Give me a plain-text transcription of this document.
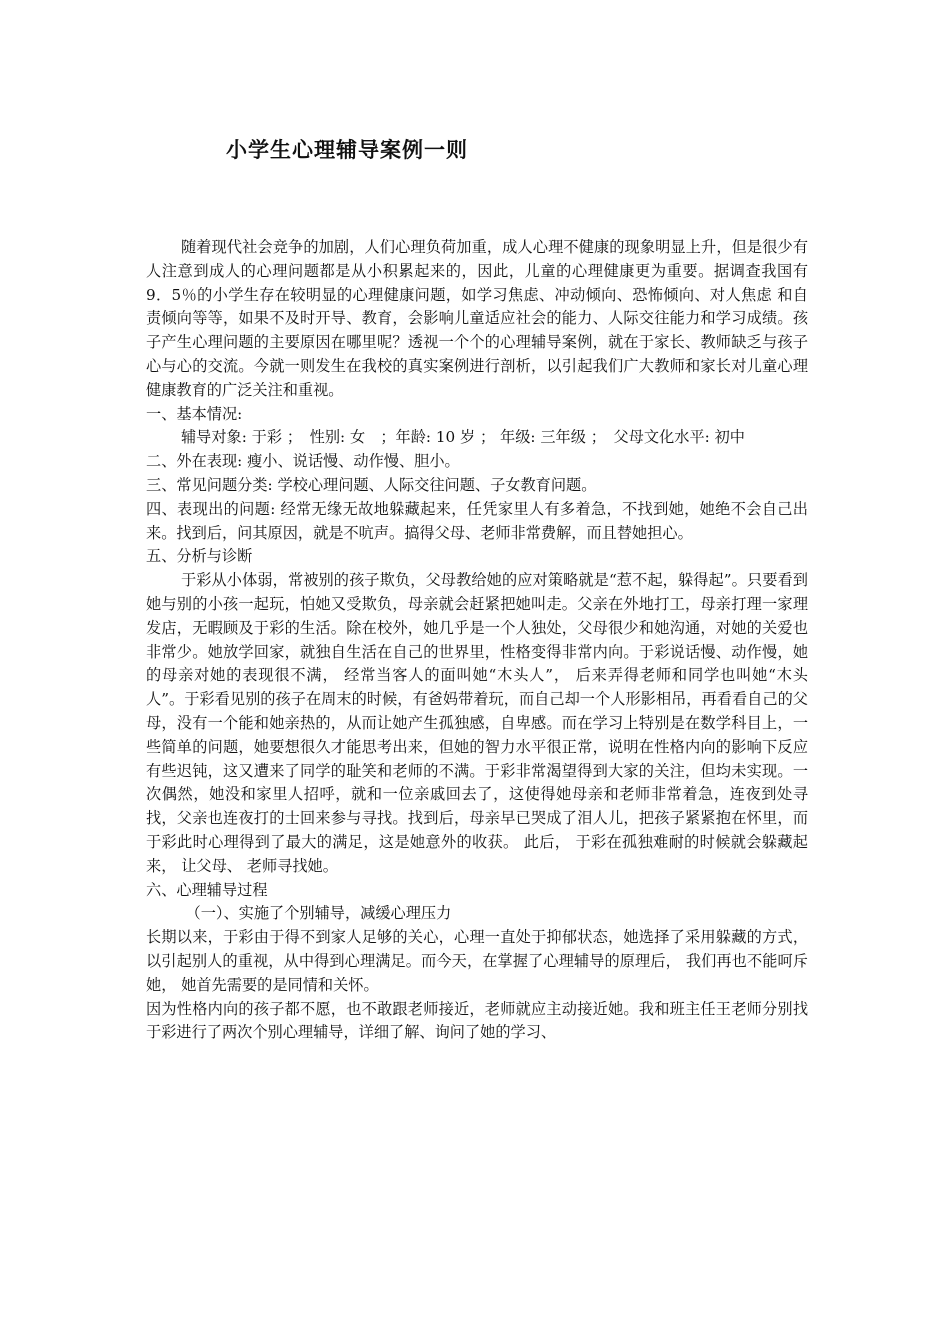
小学生心理辅导案例一则

随着现代社会竞争的加剧，人们心理负荷加重，成人心理不健康的现象明显上升，但是很少有人注意到成人的心理问题都是从小积累起来的，因此，儿童的心理健康更为重要。据调查我国有9．5％的小学生存在较明显的心理健康问题，如学习焦虑、冲动倾向、恐怖倾向、对人焦虑 和自责倾向等等，如果不及时开导、教育，会影响儿童适应社会的能力、人际交往能力和学习成绩。孩子产生心理问题的主要原因在哪里呢？透视一个个的心理辅导案例，就在于家长、教师缺乏与孩子心与心的交流。今就一则发生在我校的真实案例进行剖析，以引起我们广大教师和家长对儿童心理健康教育的广泛关注和重视。

一、基本情况:

辅导对象: 于彩 ；　性别: 女　；年龄: 10 岁 ； 年级: 三年级 ；　父母文化水平: 初中

二、外在表现: 瘦小、说话慢、动作慢、胆小。

三、常见问题分类: 学校心理问题、人际交往问题、子女教育问题。

四、表现出的问题: 经常无缘无故地躲藏起来，任凭家里人有多着急，不找到她，她绝不会自己出来。找到后，问其原因，就是不吭声。搞得父母、老师非常费解，而且替她担心。

五、分析与诊断

于彩从小体弱，常被别的孩子欺负，父母教给她的应对策略就是“惹不起，躲得起”。只要看到她与别的小孩一起玩，怕她又受欺负，母亲就会赶紧把她叫走。父亲在外地打工，母亲打理一家理发店，无暇顾及于彩的生活。除在校外，她几乎是一个人独处，父母很少和她沟通，对她的关爱也非常少。她放学回家，就独自生活在自己的世界里，性格变得非常内向。于彩说话慢、动作慢，她的母亲对她的表现很不满， 经常当客人的面叫她“木头人”， 后来弄得老师和同学也叫她“木头人”。于彩看见别的孩子在周末的时候，有爸妈带着玩，而自己却一个人形影相吊，再看看自己的父母，没有一个能和她亲热的，从而让她产生孤独感，自卑感。而在学习上特别是在数学科目上，一些简单的问题，她要想很久才能思考出来，但她的智力水平很正常，说明在性格内向的影响下反应有些迟钝，这又遭来了同学的耻笑和老师的不满。于彩非常渴望得到大家的关注，但均未实现。一次偶然，她没和家里人招呼，就和一位亲戚回去了，这使得她母亲和老师非常着急，连夜到处寻找，父亲也连夜打的士回来参与寻找。找到后，母亲早已哭成了泪人儿，把孩子紧紧抱在怀里，而于彩此时心理得到了最大的满足，这是她意外的收获。 此后， 于彩在孤独难耐的时候就会躲藏起来， 让父母、 老师寻找她。

六、心理辅导过程

（一）、实施了个别辅导，减缓心理压力

长期以来，于彩由于得不到家人足够的关心，心理一直处于抑郁状态，她选择了采用躲藏的方式，以引起别人的重视，从中得到心理满足。而今天，在掌握了心理辅导的原理后， 我们再也不能呵斥她， 她首先需要的是同情和关怀。

因为性格内向的孩子都不愿，也不敢跟老师接近，老师就应主动接近她。我和班主任王老师分别找于彩进行了两次个别心理辅导，详细了解、询问了她的学习、
